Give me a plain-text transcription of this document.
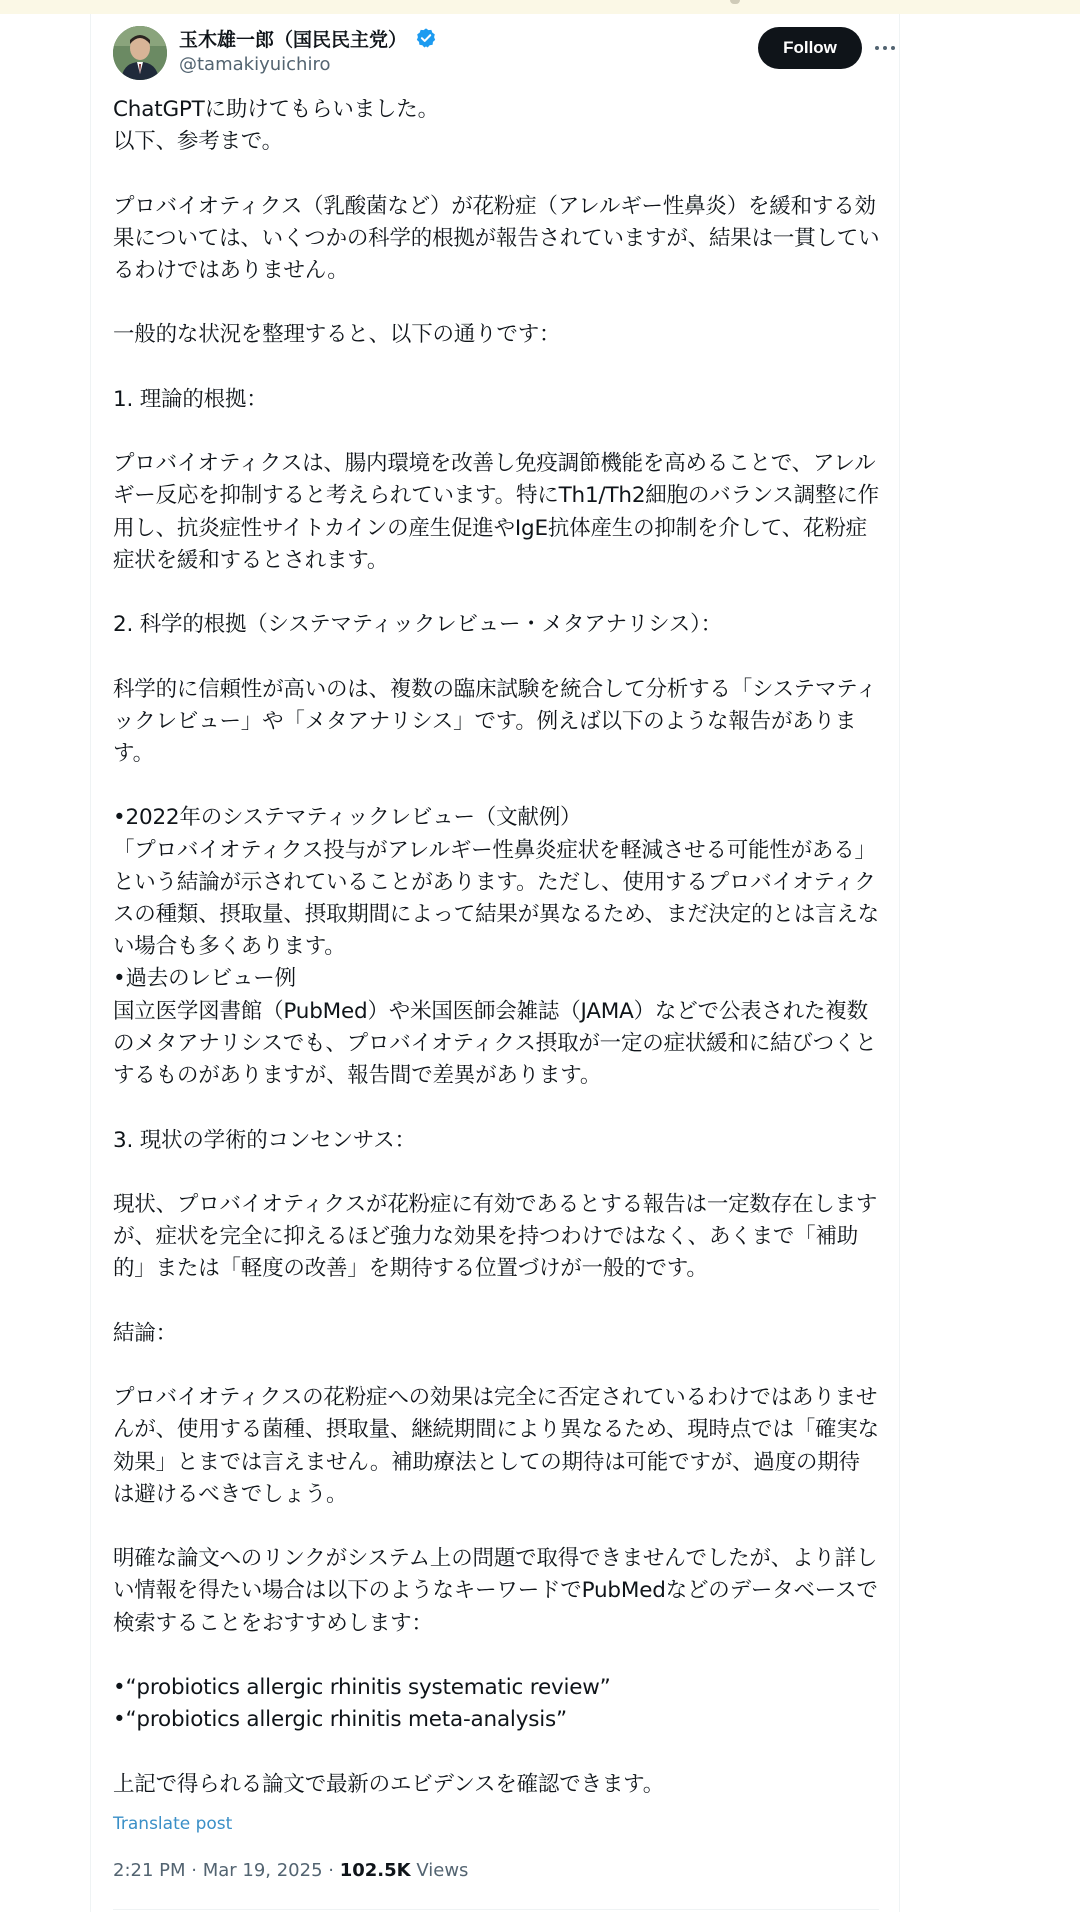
玉木雄一郎（国民民主党）
@tamakiyuichiro
Follow
ChatGPTに助けてもらいました。
以下、参考まで。

プロバイオティクス（乳酸菌など）が花粉症（アレルギー性鼻炎）を緩和する効果については、いくつかの科学的根拠が報告されていますが、結果は一貫しているわけではありません。

一般的な状況を整理すると、以下の通りです：

1. 理論的根拠：

プロバイオティクスは、腸内環境を改善し免疫調節機能を高めることで、アレルギー反応を抑制すると考えられています。特にTh1/Th2細胞のバランス調整に作用し、抗炎症性サイトカインの産生促進やIgE抗体産生の抑制を介して、花粉症症状を緩和するとされます。

2. 科学的根拠（システマティックレビュー・メタアナリシス）：

科学的に信頼性が高いのは、複数の臨床試験を統合して分析する「システマティックレビュー」や「メタアナリシス」です。例えば以下のような報告があります。

•2022年のシステマティックレビュー（文献例）
「プロバイオティクス投与がアレルギー性鼻炎症状を軽減させる可能性がある」という結論が示されていることがあります。ただし、使用するプロバイオティクスの種類、摂取量、摂取期間によって結果が異なるため、まだ決定的とは言えない場合も多くあります。
•過去のレビュー例
国立医学図書館（PubMed）や米国医師会雑誌（JAMA）などで公表された複数のメタアナリシスでも、プロバイオティクス摂取が一定の症状緩和に結びつくとするものがありますが、報告間で差異があります。

3. 現状の学術的コンセンサス：

現状、プロバイオティクスが花粉症に有効であるとする報告は一定数存在しますが、症状を完全に抑えるほど強力な効果を持つわけではなく、あくまで「補助的」または「軽度の改善」を期待する位置づけが一般的です。

結論：

プロバイオティクスの花粉症への効果は完全に否定されているわけではありませんが、使用する菌種、摂取量、継続期間により異なるため、現時点では「確実な効果」とまでは言えません。補助療法としての期待は可能ですが、過度の期待は避けるべきでしょう。

明確な論文へのリンクがシステム上の問題で取得できませんでしたが、より詳しい情報を得たい場合は以下のようなキーワードでPubMedなどのデータベースで検索することをおすすめします：

•“probiotics allergic rhinitis systematic review”
•“probiotics allergic rhinitis meta-analysis”

上記で得られる論文で最新のエビデンスを確認できます。
Translate post
2:21 PM · Mar 19, 2025 · 102.5K Views
